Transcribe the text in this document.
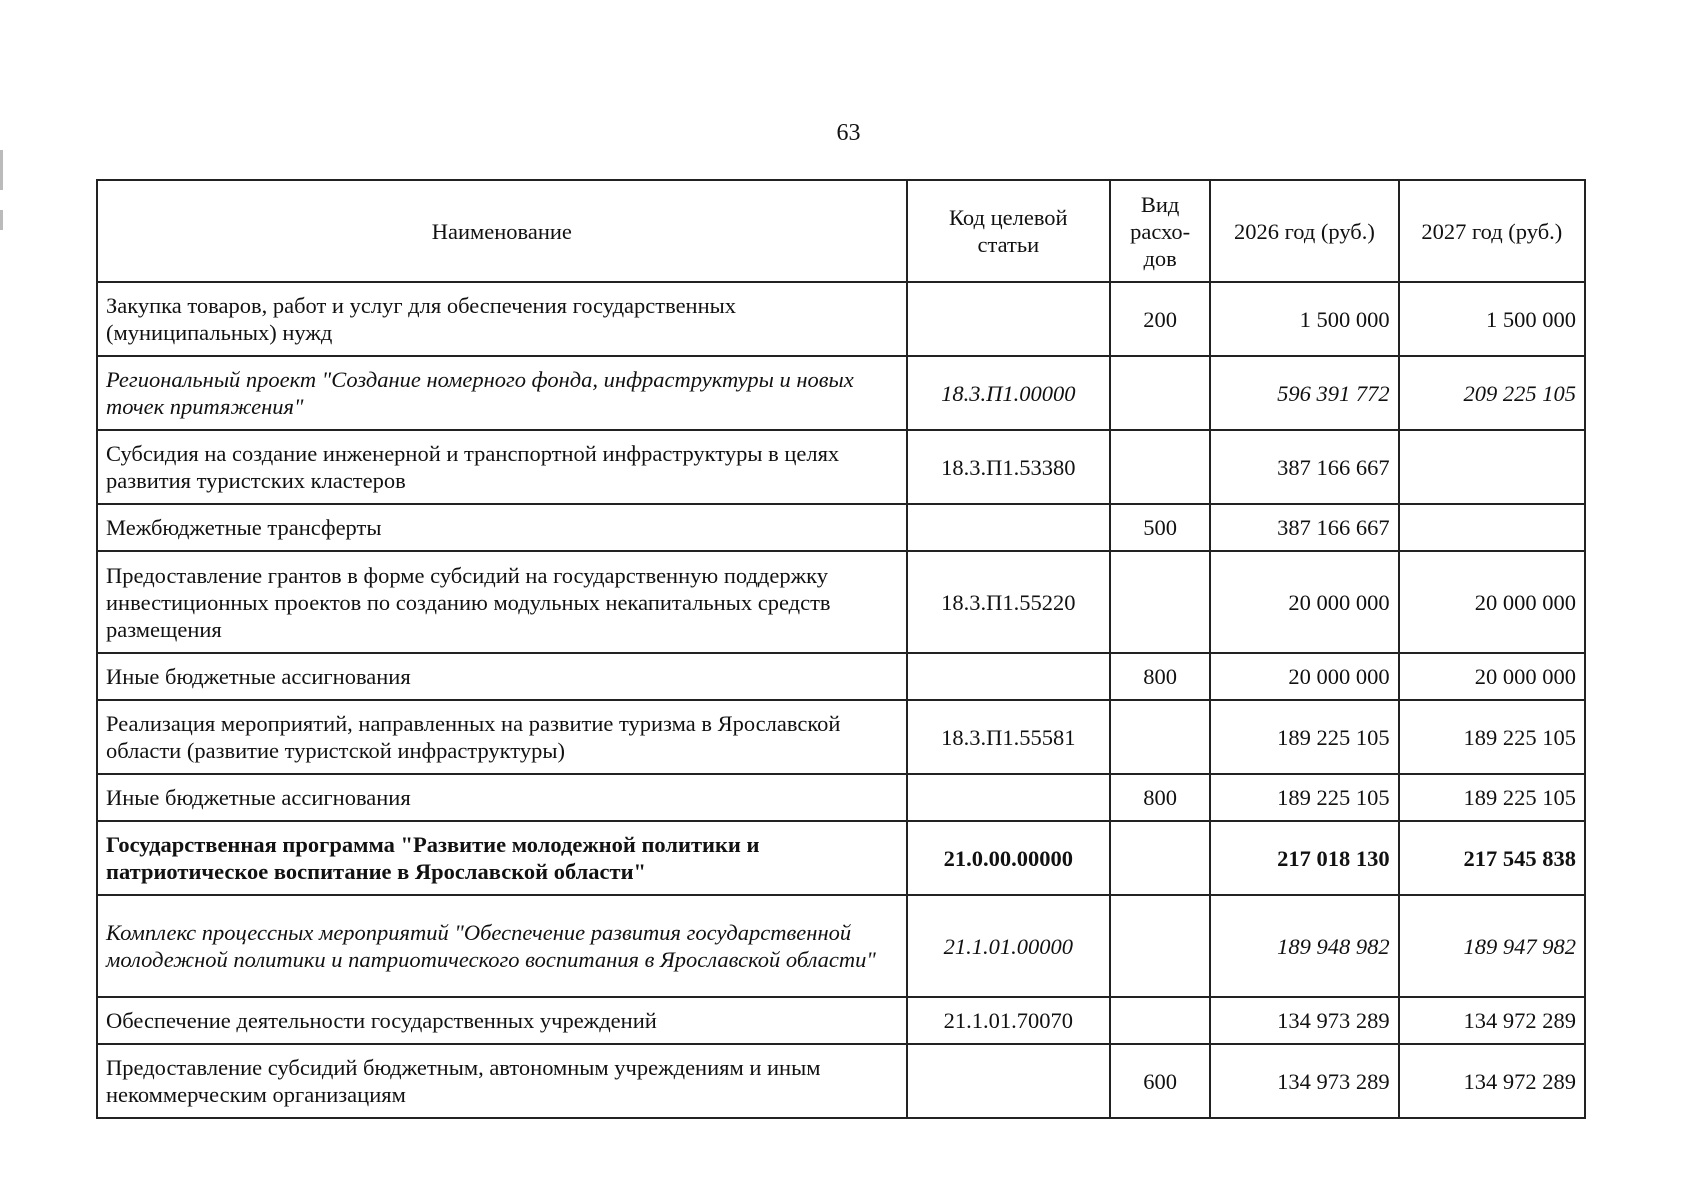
63
Наименование	Код целевой статьи	Вид расхо-дов	2026 год (руб.)	2027 год (руб.)
Закупка товаров, работ и услуг для обеспечения государственных (муниципальных) нужд		200	1 500 000	1 500 000
Региональный проект "Создание номерного фонда, инфраструктуры и новых точек притяжения"	18.3.П1.00000		596 391 772	209 225 105
Субсидия на создание инженерной и транспортной инфраструктуры в целях развития туристских кластеров	18.3.П1.53380		387 166 667	
Межбюджетные трансферты		500	387 166 667	
Предоставление грантов в форме субсидий на государственную поддержку инвестиционных проектов по созданию модульных некапитальных средств размещения	18.3.П1.55220		20 000 000	20 000 000
Иные бюджетные ассигнования		800	20 000 000	20 000 000
Реализация мероприятий, направленных на развитие туризма в Ярославской области (развитие туристской инфраструктуры)	18.3.П1.55581		189 225 105	189 225 105
Иные бюджетные ассигнования		800	189 225 105	189 225 105
Государственная программа "Развитие молодежной политики и патриотическое воспитание в Ярославской области"	21.0.00.00000		217 018 130	217 545 838
Комплекс процессных мероприятий "Обеспечение развития государственной молодежной политики и патриотического воспитания в Ярославской области"	21.1.01.00000		189 948 982	189 947 982
Обеспечение деятельности государственных учреждений	21.1.01.70070		134 973 289	134 972 289
Предоставление субсидий бюджетным, автономным учреждениям и иным некоммерческим организациям		600	134 973 289	134 972 289
